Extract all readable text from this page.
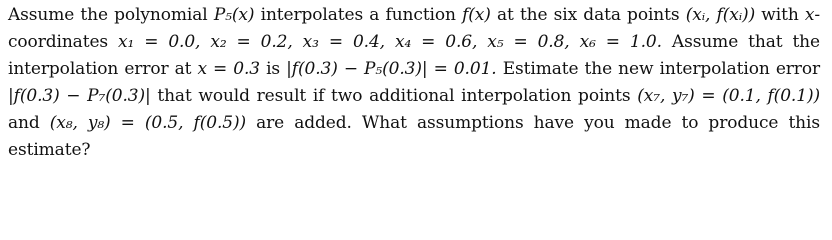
Assume the polynomial P₅(x) interpolates a function f(x) at the six data points (xᵢ, f(xᵢ)) with x-coordinates x₁ = 0.0, x₂ = 0.2, x₃ = 0.4, x₄ = 0.6, x₅ = 0.8, x₆ = 1.0. Assume that the interpolation error at x = 0.3 is |f(0.3) − P₅(0.3)| = 0.01. Estimate the new interpolation error |f(0.3) − P₇(0.3)| that would result if two additional interpolation points (x₇, y₇) = (0.1, f(0.1)) and (x₈, y₈) = (0.5, f(0.5)) are added. What assumptions have you made to produce this estimate?
